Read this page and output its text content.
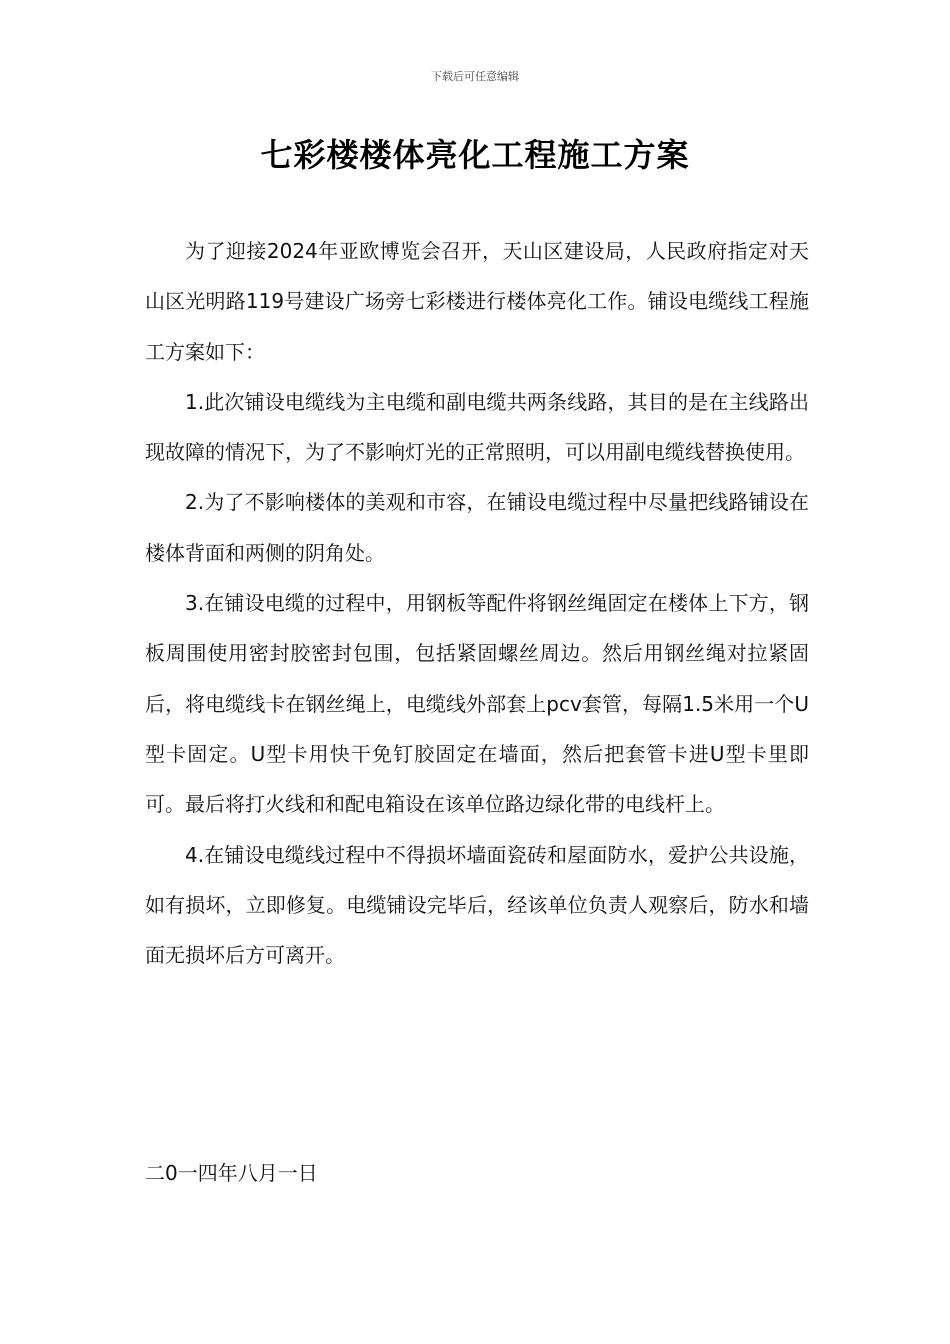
下载后可任意编辑
七彩楼楼体亮化工程施工方案

为了迎接2024年亚欧博览会召开，天山区建设局，人民政府指定对天山区光明路119号建设广场旁七彩楼进行楼体亮化工作。铺设电缆线工程施工方案如下：

1.此次铺设电缆线为主电缆和副电缆共两条线路，其目的是在主线路出现故障的情况下，为了不影响灯光的正常照明，可以用副电缆线替换使用。

2.为了不影响楼体的美观和市容，在铺设电缆过程中尽量把线路铺设在楼体背面和两侧的阴角处。

3.在铺设电缆的过程中，用钢板等配件将钢丝绳固定在楼体上下方，钢板周围使用密封胶密封包围，包括紧固螺丝周边。然后用钢丝绳对拉紧固后，将电缆线卡在钢丝绳上，电缆线外部套上pcv套管，每隔1.5米用一个U型卡固定。U型卡用快干免钉胶固定在墙面，然后把套管卡进U型卡里即可。最后将打火线和和配电箱设在该单位路边绿化带的电线杆上。

4.在铺设电缆线过程中不得损坏墙面瓷砖和屋面防水，爱护公共设施，如有损坏，立即修复。电缆铺设完毕后，经该单位负责人观察后，防水和墙面无损坏后方可离开。

二0一四年八月一日
